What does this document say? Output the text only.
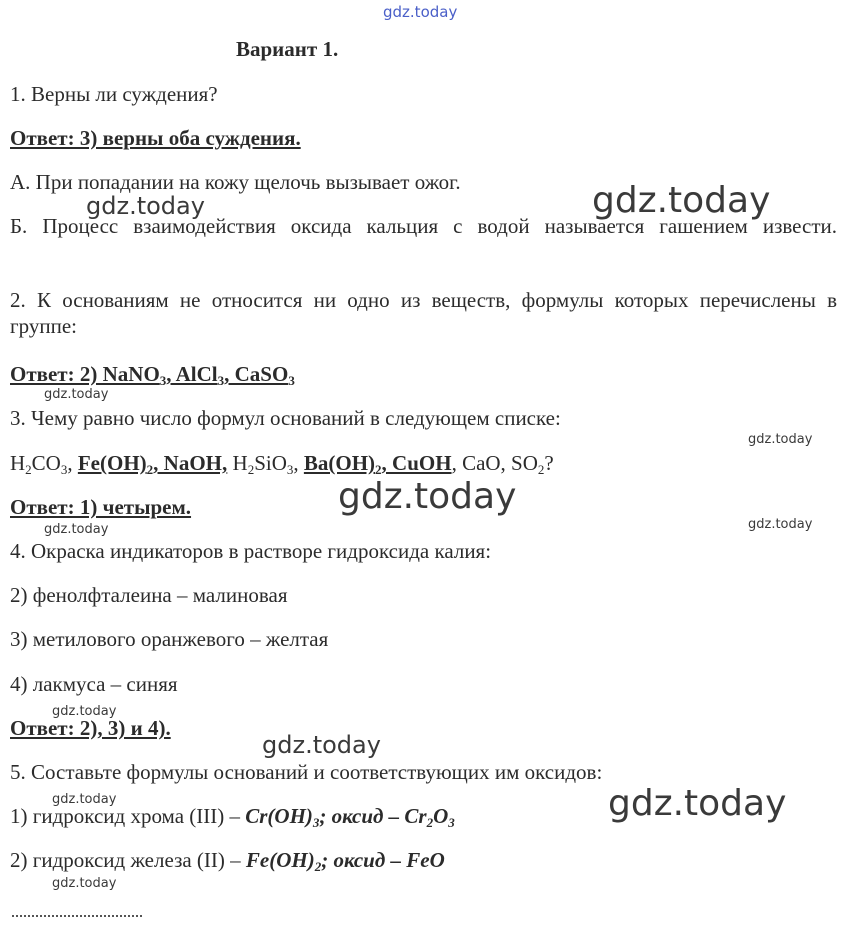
gdz.today
gdz.today
gdz.today
gdz.today
gdz.today
gdz.today
gdz.today
gdz.today
gdz.today
gdz.today
gdz.today
gdz.today
gdz.today
Вариант 1.
1. Верны ли суждения?
Ответ: 3) верны оба суждения.
А. При попадании на кожу щелочь вызывает ожог.
Б. Процесс взаимодействия оксида кальция с водой называется гашением извести.
2. К основаниям не относится ни одно из веществ, формулы которых перечислены в группе:
Ответ: 2) NaNO$_3$, AlCl$_3$, CaSO$_3$
3. Чему равно число формул оснований в следующем списке:
$H_2CO_3$, $Fe(OH)_2$, NaOH, $H_2SiO_3$, $Ba(OH)_2$, CuOH, CaO, $SO_2$?
Ответ: 1) четырем.
4. Окраска индикаторов в растворе гидроксида калия:
2) фенолфталеина – малиновая
3) метилового оранжевого – желтая
4) лакмуса – синяя
Ответ: 2), 3) и 4).
5. Составьте формулы оснований и соответствующих им оксидов:
1) гидроксид хрома $(III) - Cr(OH)_3$; оксид – $Cr_2O_3$
2) гидроксид железа $(II) - Fe(OH)_2$; оксид – FeO
